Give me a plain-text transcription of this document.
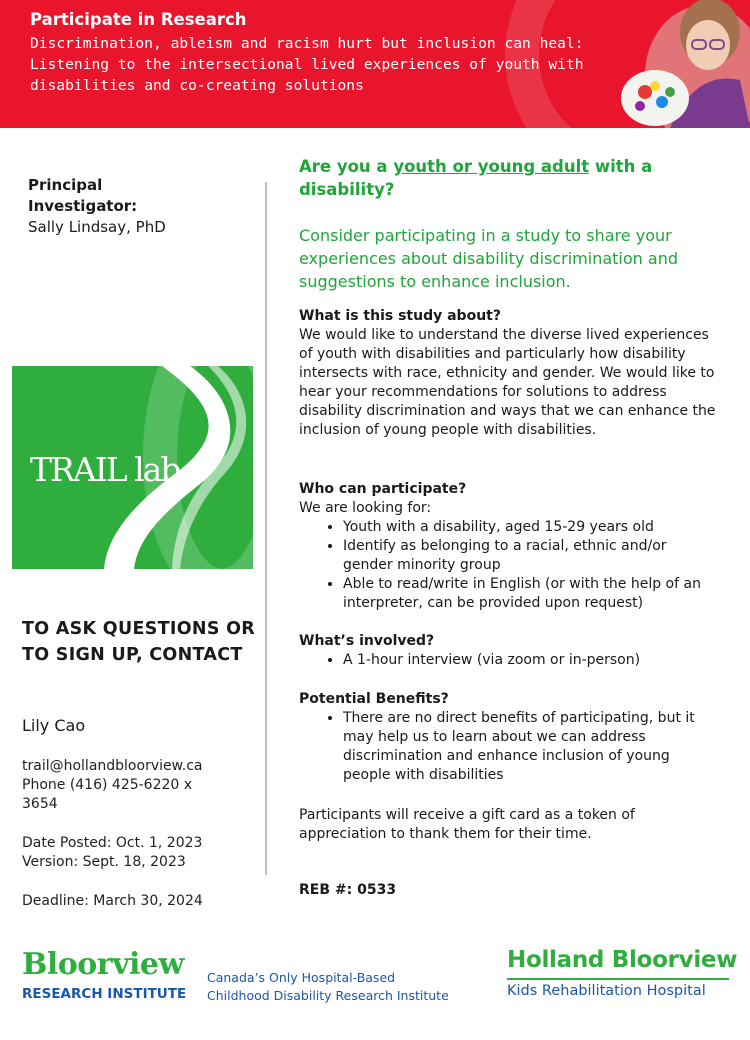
Participate in Research
Discrimination, ableism and racism hurt but inclusion can heal: Listening to the intersectional lived experiences of youth with disabilities and co-creating solutions
Principal
Investigator:
Sally Lindsay, PhD
TRAIL lab
TO ASK QUESTIONS OR TO SIGN UP, CONTACT
Lily Cao
trail@hollandbloorview.ca
Phone (416) 425-6220 x
3654
Date Posted: Oct. 1, 2023
Version: Sept. 18, 2023
Deadline: March 30, 2024
Are you a youth or young adult with a disability?
Consider participating in a study to share your experiences about disability discrimination and suggestions to enhance inclusion.
What is this study about?

We would like to understand the diverse lived experiences of youth with disabilities and particularly how disability intersects with race, ethnicity and gender. We would like to hear your recommendations for solutions to address disability discrimination and ways that we can enhance the inclusion of young people with disabilities.

Who can participate?

We are looking for:

• Youth with a disability, aged 15-29 years old
• Identify as belonging to a racial, ethnic and/or gender minority group
• Able to read/write in English (or with the help of an interpreter, can be provided upon request)
What’s involved?
• A 1-hour interview (via zoom or in-person)
Potential Benefits?
• There are no direct benefits of participating, but it may help us to learn about we can address discrimination and enhance inclusion of young people with disabilities
Participants will receive a gift card as a token of appreciation to thank them for their time.
REB #: 0533
Bloorview
RESEARCH INSTITUTE
Canada’s Only Hospital-Based
Childhood Disability Research Institute
Holland Bloorview
Kids Rehabilitation Hospital
